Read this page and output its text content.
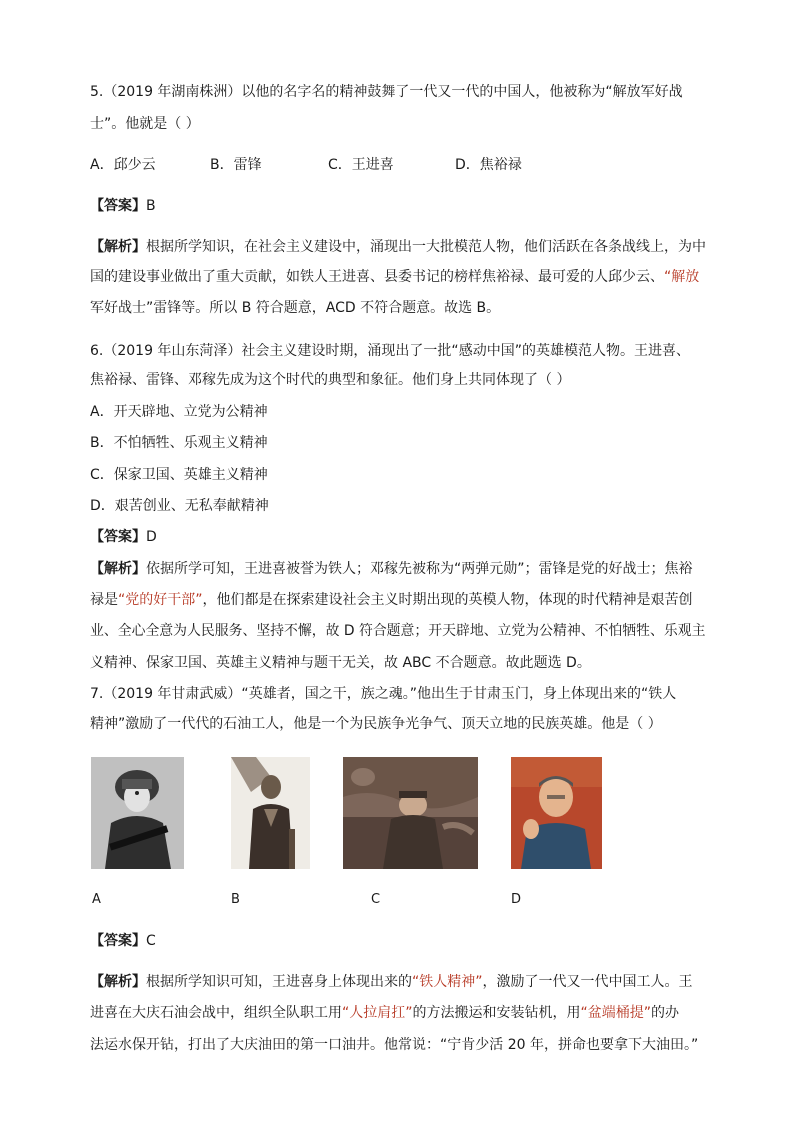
5.（2019 年湖南株洲）以他的名字名的精神鼓舞了一代又一代的中国人，他被称为“解放军好战
士”。他就是（ ）
A．邱少云	B．雷锋	C．王进喜	D．焦裕禄
【答案】B
【解析】根据所学知识，在社会主义建设中，涌现出一大批模范人物，他们活跃在各条战线上，为中
国的建设事业做出了重大贡献，如铁人王进喜、县委书记的榜样焦裕禄、最可爱的人邱少云、“解放
军好战士”雷锋等。所以 B 符合题意，ACD 不符合题意。故选 B。
6.（2019 年山东菏泽）社会主义建设时期，涌现出了一批“感动中国”的英雄模范人物。王进喜、
焦裕禄、雷锋、邓稼先成为这个时代的典型和象征。他们身上共同体现了（ ）
A．开天辟地、立党为公精神
B．不怕牺牲、乐观主义精神
C．保家卫国、英雄主义精神
D．艰苦创业、无私奉献精神
【答案】D
【解析】依据所学可知，王进喜被誉为铁人；邓稼先被称为“两弹元勋”；雷锋是党的好战士；焦裕
禄是“党的好干部”，他们都是在探索建设社会主义时期出现的英模人物，体现的时代精神是艰苦创
业、全心全意为人民服务、坚持不懈，故 D 符合题意；开天辟地、立党为公精神、不怕牺牲、乐观主
义精神、保家卫国、英雄主义精神与题干无关，故 ABC 不合题意。故此题选 D。
7.（2019 年甘肃武威）“英雄者，国之干，族之魂。”他出生于甘肃玉门，身上体现出来的“铁人
精神”激励了一代代的石油工人，他是一个为民族争光争气、顶天立地的民族英雄。他是（ ）
A	B	C	D
【答案】C
【解析】根据所学知识可知，王进喜身上体现出来的“铁人精神”，激励了一代又一代中国工人。王
进喜在大庆石油会战中，组织全队职工用“人拉肩扛”的方法搬运和安装钻机，用“盆端桶提”的办
法运水保开钻，打出了大庆油田的第一口油井。他常说：“宁肯少活 20 年，拼命也要拿下大油田。”
